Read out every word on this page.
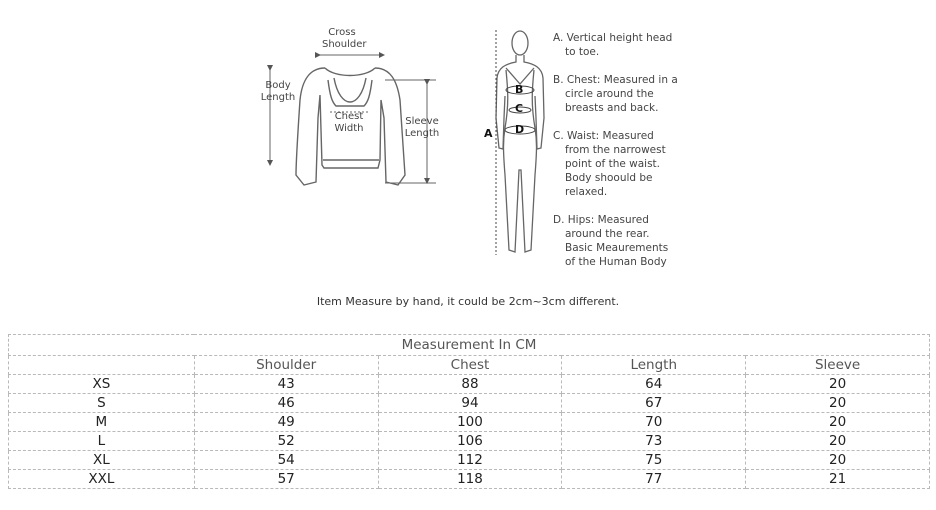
Cross
Shoulder
Body
Length
Chest
Width
Sleeve
Length	A
B
C
D
A. Vertical height head
to toe.
B. Chest: Measured in a
circle around the
breasts and back.
C. Waist: Measured
from the narrowest
point of the waist.
Body shoould be
relaxed.
D. Hips: Measured
around the rear.
Basic Meaurements
of the Human Body
Item Measure by hand, it could be 2cm~3cm different.
Measurement In CM				
	Shoulder	Chest	Length	Sleeve
XS	43	88	64	20
S	46	94	67	20
M	49	100	70	20
L	52	106	73	20
XL	54	112	75	20
XXL	57	118	77	21
